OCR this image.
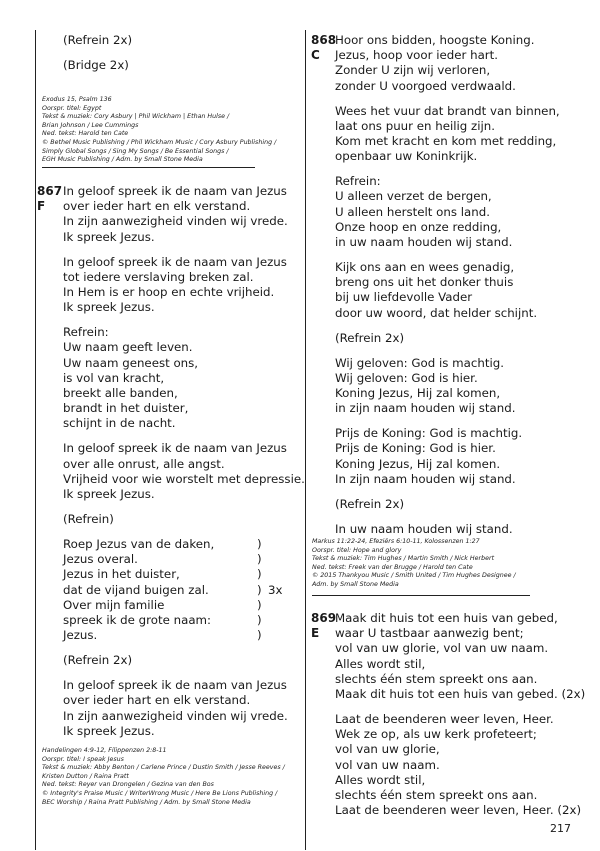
217
(Refrein 2x)
(Bridge 2x)
Exodus 15, Psalm 136
Oorspr. titel: Egypt
Tekst & muziek: Cory Asbury | Phil Wickham | Ethan Hulse /
Brian Johnson / Lee Cummings
Ned. tekst: Harold ten Cate
© Bethel Music Publishing / Phil Wickham Music / Cory Asbury Publishing /
Simply Global Songs / Sing My Songs / Be Essential Songs /
EGH Music Publishing / Adm. by Small Stone Media
867
F
In geloof spreek ik de naam van Jezus
over ieder hart en elk verstand.
In zijn aanwezigheid vinden wij vrede.
Ik spreek Jezus.
In geloof spreek ik de naam van Jezus
tot iedere verslaving breken zal.
In Hem is er hoop en echte vrijheid.
Ik spreek Jezus.
Refrein:
Uw naam geeft leven.
Uw naam geneest ons,
is vol van kracht,
breekt alle banden,
brandt in het duister,
schijnt in de nacht.
In geloof spreek ik de naam van Jezus
over alle onrust, alle angst.
Vrijheid voor wie worstelt met depressie.
Ik spreek Jezus.
(Refrein)
Roep Jezus van de daken,
Jezus overal.
Jezus in het duister,
dat de vijand buigen zal.
Over mijn familie
spreek ik de grote naam:
Jezus.
(Refrein 2x)
In geloof spreek ik de naam van Jezus
over ieder hart en elk verstand.
In zijn aanwezigheid vinden wij vrede.
Ik spreek Jezus.
)
)
)
)
)
)
)
3x
Handelingen 4:9-12, Filippenzen 2:8-11
Oorspr. titel: I speak Jesus
Tekst & muziek: Abby Benton / Carlene Prince / Dustin Smith / Jesse Reeves /
Kristen Dutton / Raina Pratt
Ned. tekst: Reyer van Drongelen / Gezina van den Bos
© Integrity's Praise Music / WriterWrong Music / Here Be Lions Publishing /
BEC Worship / Raina Pratt Publishing / Adm. by Small Stone Media
868
C
Hoor ons bidden, hoogste Koning.
Jezus, hoop voor ieder hart.
Zonder U zijn wij verloren,
zonder U voorgoed verdwaald.
Wees het vuur dat brandt van binnen,
laat ons puur en heilig zijn.
Kom met kracht en kom met redding,
openbaar uw Koninkrijk.
Refrein:
U alleen verzet de bergen,
U alleen herstelt ons land.
Onze hoop en onze redding,
in uw naam houden wij stand.
Kijk ons aan en wees genadig,
breng ons uit het donker thuis
bij uw liefdevolle Vader
door uw woord, dat helder schijnt.
(Refrein 2x)
Wij geloven: God is machtig.
Wij geloven: God is hier.
Koning Jezus, Hij zal komen,
in zijn naam houden wij stand.
Prijs de Koning: God is machtig.
Prijs de Koning: God is hier.
Koning Jezus, Hij zal komen.
In zijn naam houden wij stand.
(Refrein 2x)
In uw naam houden wij stand.
Markus 11:22-24, Efeziërs 6:10-11, Kolossenzen 1:27
Oorspr. titel: Hope and glory
Tekst & muziek: Tim Hughes / Martin Smith / Nick Herbert
Ned. tekst: Freek van der Brugge / Harold ten Cate
© 2015 Thankyou Music / Smith United / Tim Hughes Designee /
Adm. by Small Stone Media
869
E
Maak dit huis tot een huis van gebed,
waar U tastbaar aanwezig bent;
vol van uw glorie, vol van uw naam.
Alles wordt stil,
slechts één stem spreekt ons aan.
Maak dit huis tot een huis van gebed. (2x)
Laat de beenderen weer leven, Heer.
Wek ze op, als uw kerk profeteert;
vol van uw glorie,
vol van uw naam.
Alles wordt stil,
slechts één stem spreekt ons aan.
Laat de beenderen weer leven, Heer. (2x)
